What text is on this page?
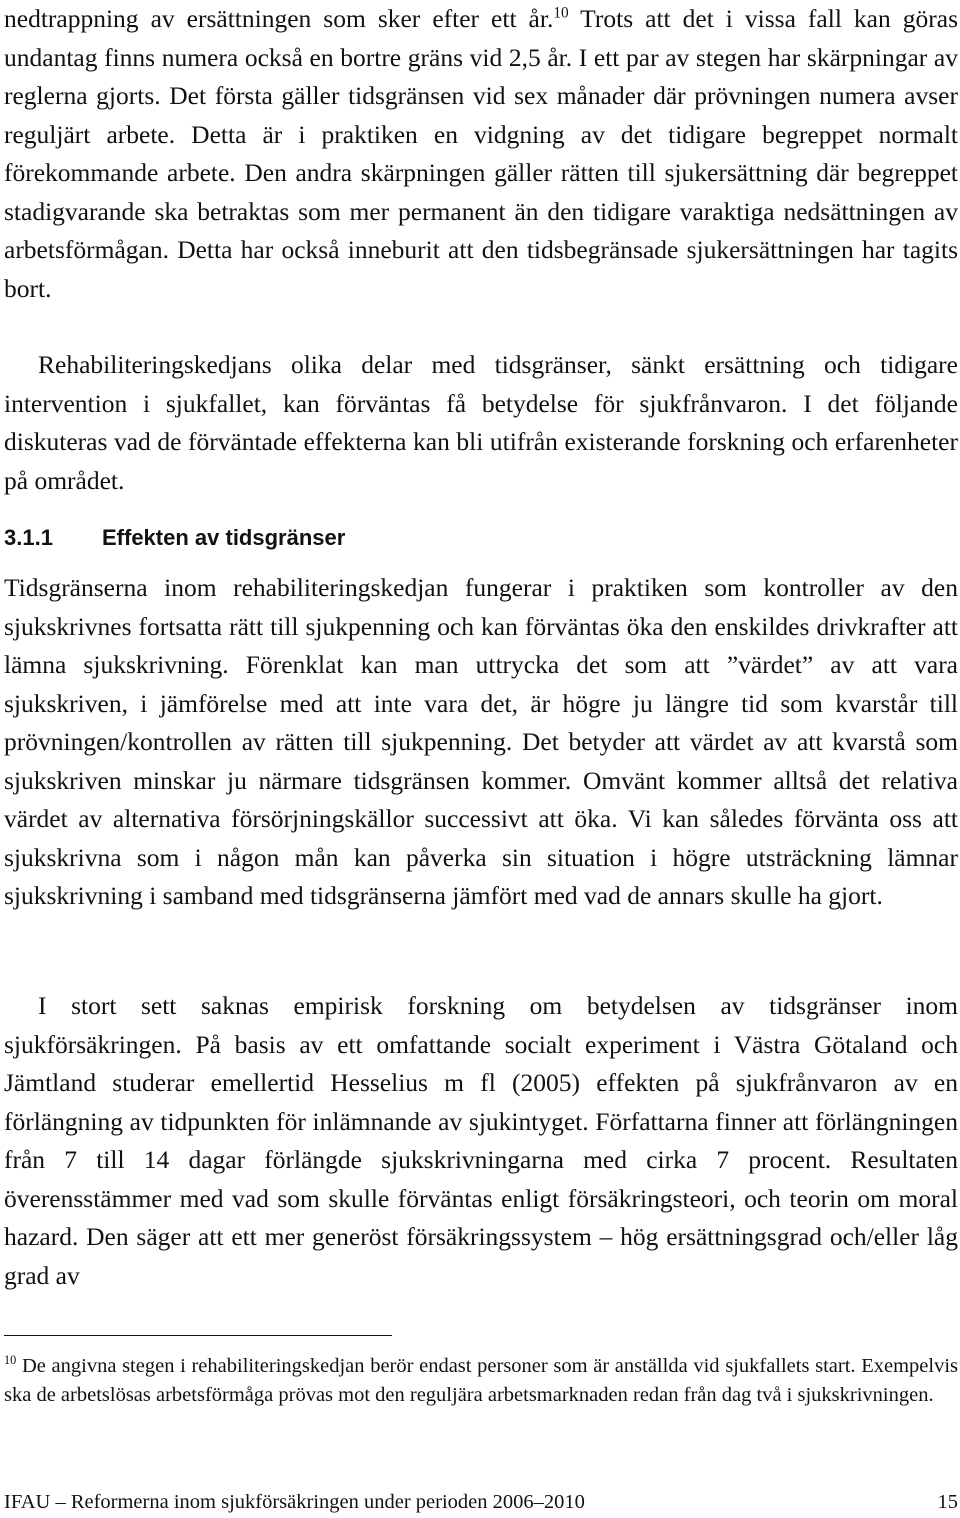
nedtrappning av ersättningen som sker efter ett år.$^{10}$ Trots att det i vissa fall kan göras undantag finns numera också en bortre gräns vid 2,5 år. I ett par av stegen har skärpningar av reglerna gjorts. Det första gäller tidsgränsen vid sex månader där prövningen numera avser reguljärt arbete. Detta är i praktiken en vidgning av det tidigare begreppet normalt förekommande arbete. Den andra skärpningen gäller rätten till sjukersättning där begreppet stadigvarande ska betraktas som mer permanent än den tidigare varaktiga nedsättningen av arbetsförmågan. Detta har också inneburit att den tidsbegränsade sjukersättningen har tagits bort.

Rehabiliteringskedjans olika delar med tidsgränser, sänkt ersättning och tidigare intervention i sjukfallet, kan förväntas få betydelse för sjukfrånvaron. I det följande diskuteras vad de förväntade effekterna kan bli utifrån existerande forskning och erfarenheter på området.

3.1.1 Effekten av tidsgränser

Tidsgränserna inom rehabiliteringskedjan fungerar i praktiken som kontroller av den sjukskrivnes fortsatta rätt till sjukpenning och kan förväntas öka den enskildes drivkrafter att lämna sjukskrivning. Förenklat kan man uttrycka det som att ”värdet” av att vara sjukskriven, i jämförelse med att inte vara det, är högre ju längre tid som kvarstår till prövningen/kontrollen av rätten till sjukpenning. Det betyder att värdet av att kvarstå som sjukskriven minskar ju närmare tidsgränsen kommer. Omvänt kommer alltså det relativa värdet av alternativa försörjningskällor successivt att öka. Vi kan således förvänta oss att sjukskrivna som i någon mån kan påverka sin situation i högre utsträckning lämnar sjukskrivning i samband med tidsgränserna jämfört med vad de annars skulle ha gjort.

I stort sett saknas empirisk forskning om betydelsen av tidsgränser inom sjukförsäkringen. På basis av ett omfattande socialt experiment i Västra Götaland och Jämtland studerar emellertid Hesselius m fl (2005) effekten på sjukfrånvaron av en förlängning av tidpunkten för inlämnande av sjukintyget. Författarna finner att förlängningen från 7 till 14 dagar förlängde sjukskrivningarna med cirka 7 procent. Resultaten överensstämmer med vad som skulle förväntas enligt försäkringsteori, och teorin om moral hazard. Den säger att ett mer generöst försäkringssystem – hög ersättningsgrad och/eller låg grad av

$^{10}$ De angivna stegen i rehabiliteringskedjan berör endast personer som är anställda vid sjukfallets start. Exempelvis ska de arbetslösas arbetsförmåga prövas mot den reguljära arbetsmarknaden redan från dag två i sjukskrivningen.

IFAU – Reformerna inom sjukförsäkringen under perioden 2006–2010	15
